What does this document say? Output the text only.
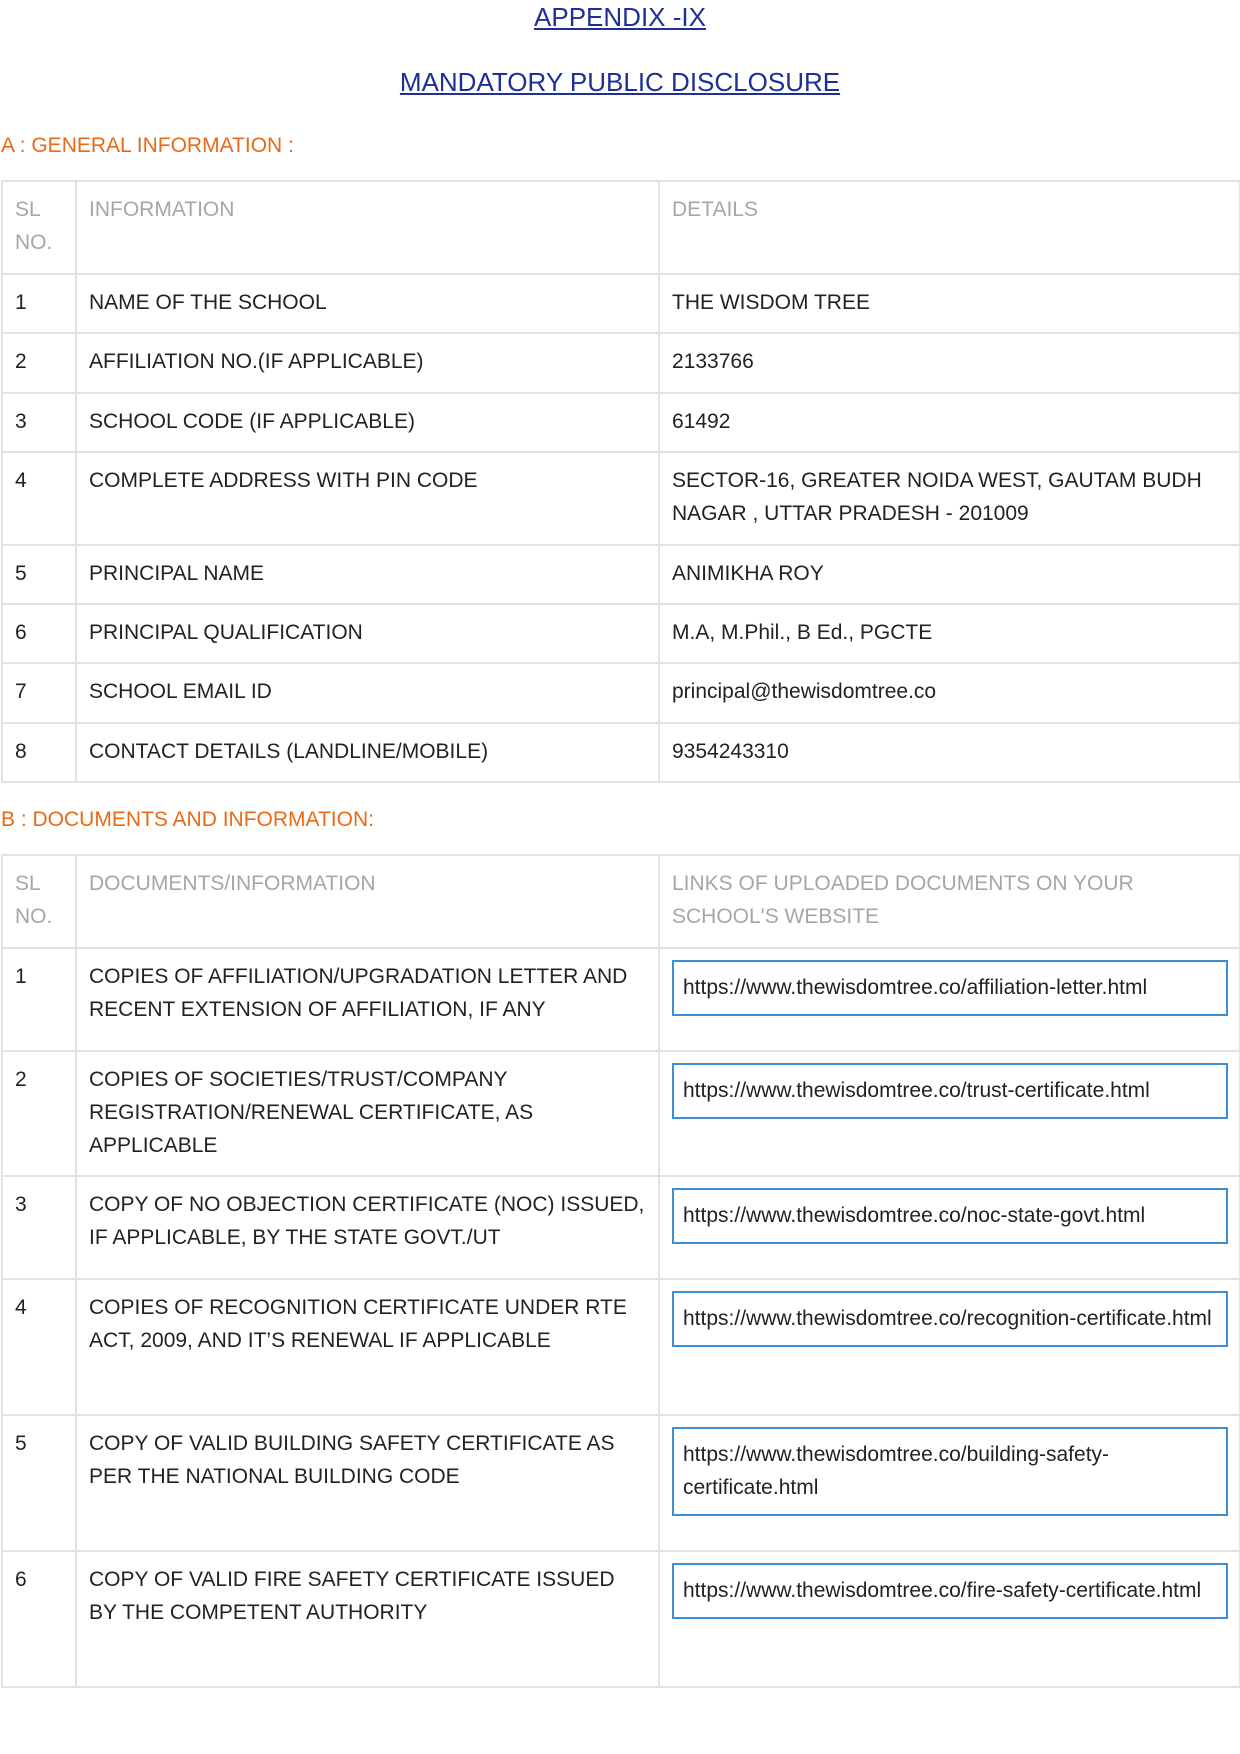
APPENDIX -IX
MANDATORY PUBLIC DISCLOSURE
A : GENERAL INFORMATION :
SL NO.	INFORMATION	DETAILS
1	NAME OF THE SCHOOL	THE WISDOM TREE
2	AFFILIATION NO.(IF APPLICABLE)	2133766
3	SCHOOL CODE (IF APPLICABLE)	61492
4	COMPLETE ADDRESS WITH PIN CODE	SECTOR-16, GREATER NOIDA WEST, GAUTAM BUDH NAGAR , UTTAR PRADESH - 201009
5	PRINCIPAL NAME	ANIMIKHA ROY
6	PRINCIPAL QUALIFICATION	M.A, M.Phil., B Ed., PGCTE
7	SCHOOL EMAIL ID	principal@thewisdomtree.co
8	CONTACT DETAILS (LANDLINE/MOBILE)	9354243310
B : DOCUMENTS AND INFORMATION:
SL NO.	DOCUMENTS/INFORMATION	LINKS OF UPLOADED DOCUMENTS ON YOUR SCHOOL'S WEBSITE
1	COPIES OF AFFILIATION/UPGRADATION LETTER AND RECENT EXTENSION OF AFFILIATION, IF ANY	https://www.thewisdomtree.co/affiliation-letter.html

2	COPIES OF SOCIETIES/TRUST/COMPANY REGISTRATION/RENEWAL CERTIFICATE, AS APPLICABLE	https://www.thewisdomtree.co/trust-certificate.html

3	COPY OF NO OBJECTION CERTIFICATE (NOC) ISSUED, IF APPLICABLE, BY THE STATE GOVT./UT	https://www.thewisdomtree.co/noc-state-govt.html

4	COPIES OF RECOGNITION CERTIFICATE UNDER RTE ACT, 2009, AND IT’S RENEWAL IF APPLICABLE	https://www.thewisdomtree.co/recognition-certificate.html

5	COPY OF VALID BUILDING SAFETY CERTIFICATE AS PER THE NATIONAL BUILDING CODE	https://www.thewisdomtree.co/building-safety-certificate.html

6	COPY OF VALID FIRE SAFETY CERTIFICATE ISSUED BY THE COMPETENT AUTHORITY	https://www.thewisdomtree.co/fire-safety-certificate.html
